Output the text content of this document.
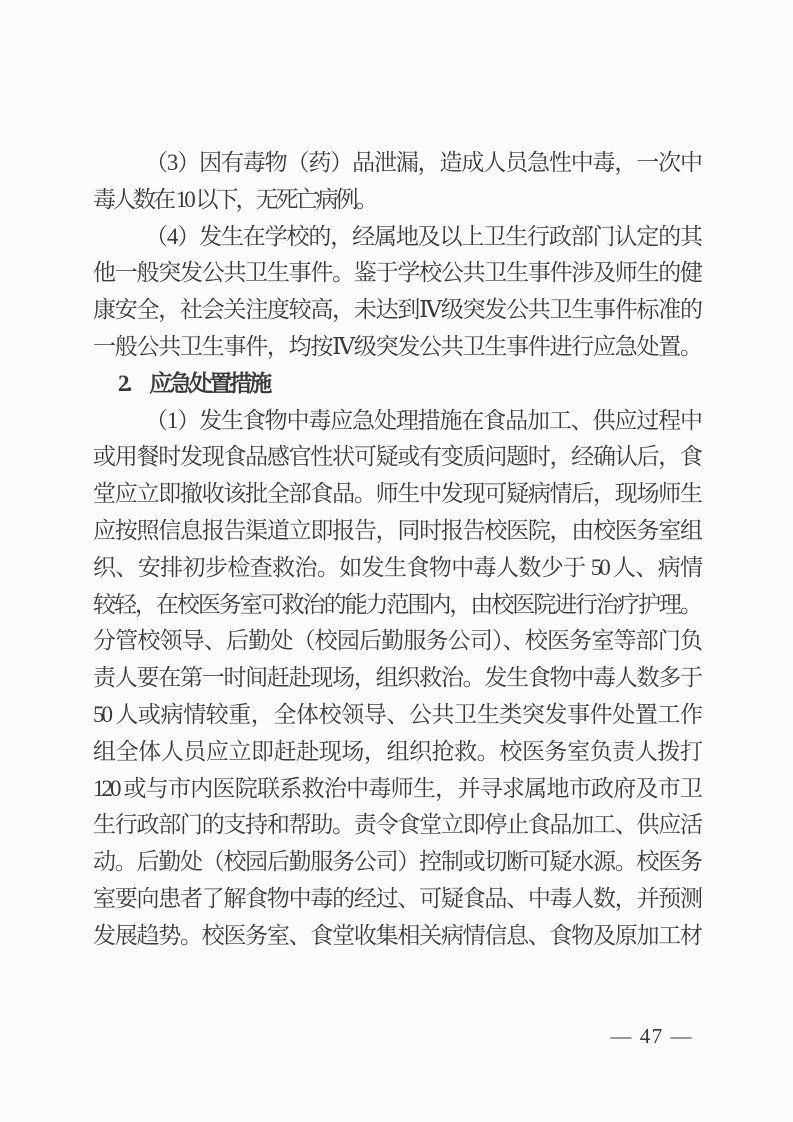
（3）因有毒物（药）品泄漏，造成人员急性中毒，一次中
毒人数在 10 以下，无死亡病例。
（4）发生在学校的，经属地及以上卫生行政部门认定的其
他一般突发公共卫生事件。鉴于学校公共卫生事件涉及师生的健
康安全，社会关注度较高，未达到Ⅳ级突发公共卫生事件标准的
一般公共卫生事件，均按Ⅳ级突发公共卫生事件进行应急处置。
2.　应急处置措施
（1）发生食物中毒应急处理措施在食品加工、供应过程中
或用餐时发现食品感官性状可疑或有变质问题时，经确认后，食
堂应立即撤收该批全部食品。师生中发现可疑病情后，现场师生
应按照信息报告渠道立即报告，同时报告校医院，由校医务室组
织、安排初步检查救治。如发生食物中毒人数少于 50 人、病情
较轻，在校医务室可救治的能力范围内，由校医院进行治疗护理。
分管校领导、后勤处（校园后勤服务公司）、校医务室等部门负
责人要在第一时间赶赴现场，组织救治。发生食物中毒人数多于
50 人或病情较重，全体校领导、公共卫生类突发事件处置工作
组全体人员应立即赶赴现场，组织抢救。校医务室负责人拨打
120 或与市内医院联系救治中毒师生，并寻求属地市政府及市卫
生行政部门的支持和帮助。责令食堂立即停止食品加工、供应活
动。后勤处（校园后勤服务公司）控制或切断可疑水源。校医务
室要向患者了解食物中毒的经过、可疑食品、中毒人数，并预测
发展趋势。校医务室、食堂收集相关病情信息、食物及原加工材
— 47 —
